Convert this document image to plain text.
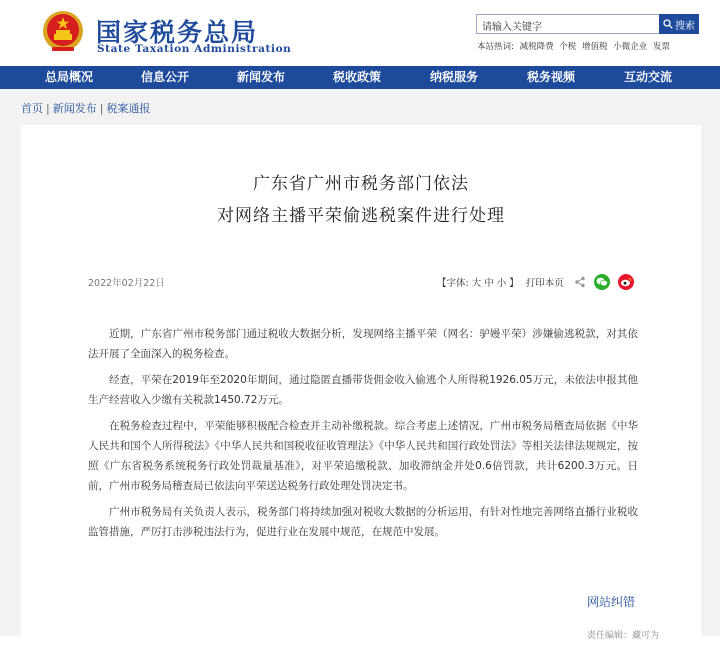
国家税务总局
State Taxation Administration
请输入关键字	搜索
本站热词: 减税降费 个税 增值税 小微企业 发票
总局概况	信息公开	新闻发布	税收政策	纳税服务	税务视频	互动交流
首页 | 新闻发布 | 税案通报
广东省广州市税务部门依法
对网络主播平荣偷逃税案件进行处理
2022年02月22日	【字体: 大 中 小 】 打印本页

近期，广东省广州市税务部门通过税收大数据分析，发现网络主播平荣（网名：驴嫚平荣）涉嫌偷逃税款，对其依法开展了全面深入的税务检查。

经查，平荣在2019年至2020年期间，通过隐匿直播带货佣金收入偷逃个人所得税1926.05万元，未依法申报其他生产经营收入少缴有关税款1450.72万元。

在税务检查过程中，平荣能够积极配合检查并主动补缴税款。综合考虑上述情况，广州市税务局稽查局依据《中华人民共和国个人所得税法》《中华人民共和国税收征收管理法》《中华人民共和国行政处罚法》等相关法律法规规定，按照《广东省税务系统税务行政处罚裁量基准》，对平荣追缴税款、加收滞纳金并处0.6倍罚款，共计6200.3万元。日前，广州市税务局稽查局已依法向平荣送达税务行政处理处罚决定书。

广州市税务局有关负责人表示，税务部门将持续加强对税收大数据的分析运用，有针对性地完善网络直播行业税收监管措施，严厉打击涉税违法行为，促进行业在发展中规范，在规范中发展。

网站纠错
责任编辑：藏可为
